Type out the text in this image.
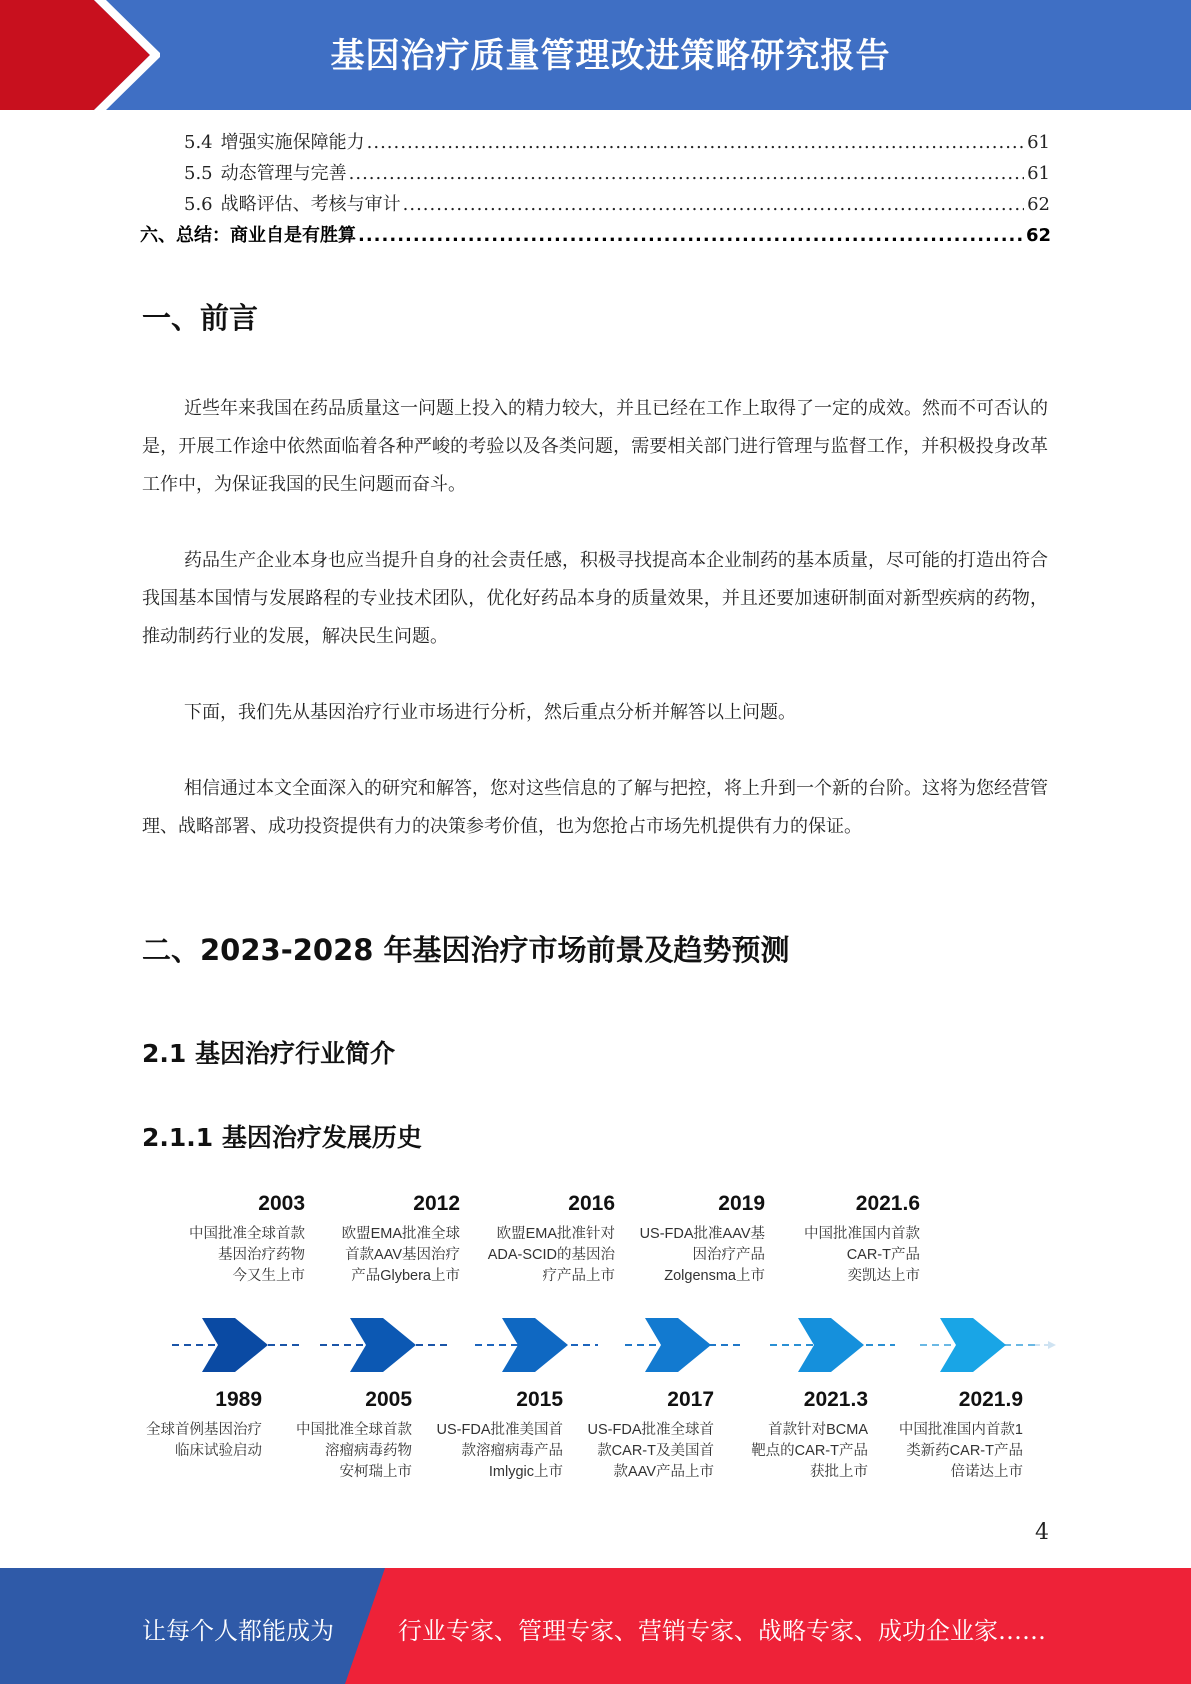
基因治疗质量管理改进策略研究报告
5.4 增强实施保障能力 .....	61
5.5 动态管理与完善 .....	61
5.6 战略评估、考核与审计 .....	62
六、总结：商业自是有胜算 .....	62
一、前言
近些年来我国在药品质量这一问题上投入的精力较大，并且已经在工作上取得了一定的成效。然而不可否认的是，开展工作途中依然面临着各种严峻的考验以及各类问题，需要相关部门进行管理与监督工作，并积极投身改革工作中，为保证我国的民生问题而奋斗。
药品生产企业本身也应当提升自身的社会责任感，积极寻找提高本企业制药的基本质量，尽可能的打造出符合我国基本国情与发展路程的专业技术团队，优化好药品本身的质量效果，并且还要加速研制面对新型疾病的药物，推动制药行业的发展，解决民生问题。
下面，我们先从基因治疗行业市场进行分析，然后重点分析并解答以上问题。
相信通过本文全面深入的研究和解答，您对这些信息的了解与把控，将上升到一个新的台阶。这将为您经营管理、战略部署、成功投资提供有力的决策参考价值，也为您抢占市场先机提供有力的保证。
二、2023-2028 年基因治疗市场前景及趋势预测
2.1 基因治疗行业简介
2.1.1 基因治疗发展历史
2003
中国批准全球首款
基因治疗药物
今又生上市
2012
欧盟EMA批准全球
首款AAV基因治疗
产品Glybera上市
2016
欧盟EMA批准针对
ADA-SCID的基因治
疗产品上市
2019
US-FDA批准AAV基
因治疗产品
Zolgensma上市
2021.6
中国批准国内首款
CAR-T产品
奕凯达上市
1989
全球首例基因治疗
临床试验启动
2005
中国批准全球首款
溶瘤病毒药物
安柯瑞上市
2015
US-FDA批准美国首
款溶瘤病毒产品
Imlygic上市
2017
US-FDA批准全球首
款CAR-T及美国首
款AAV产品上市
2021.3
首款针对BCMA
靶点的CAR-T产品
获批上市
2021.9
中国批准国内首款1
类新药CAR-T产品
倍诺达上市
4
让每个人都能成为	行业专家、管理专家、营销专家、战略专家、成功企业家……
